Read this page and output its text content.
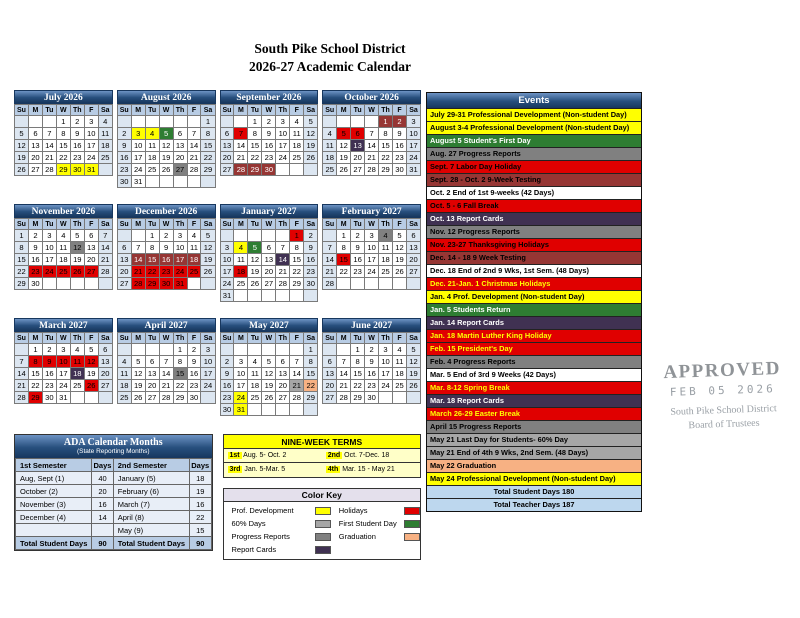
South Pike School District
2026-27 Academic Calendar
July 2026
Su	M	Tu	W	Th	F	Sa
			1	2	3	4
5	6	7	8	9	10	11
12	13	14	15	16	17	18
19	20	21	22	23	24	25
26	27	28	29	30	31	
August 2026
Su	M	Tu	W	Th	F	Sa
						1
2	3	4	5	6	7	8
9	10	11	12	13	14	15
16	17	18	19	20	21	22
23	24	25	26	27	28	29
30	31					
September 2026
Su	M	Tu	W	Th	F	Sa
		1	2	3	4	5
6	7	8	9	10	11	12
13	14	15	16	17	18	19
20	21	22	23	24	25	26
27	28	29	30			
October 2026
Su	M	Tu	W	Th	F	Sa
				1	2	3
4	5	6	7	8	9	10
11	12	13	14	15	16	17
18	19	20	21	22	23	24
25	26	27	28	29	30	31
November 2026
Su	M	Tu	W	Th	F	Sa
1	2	3	4	5	6	7
8	9	10	11	12	13	14
15	16	17	18	19	20	21
22	23	24	25	26	27	28
29	30					
December 2026
Su	M	Tu	W	Th	F	Sa
		1	2	3	4	5
6	7	8	9	10	11	12
13	14	15	16	17	18	19
20	21	22	23	24	25	26
27	28	29	30	31		
January 2027
Su	M	Tu	W	Th	F	Sa
					1	2
3	4	5	6	7	8	9
10	11	12	13	14	15	16
17	18	19	20	21	22	23
24	25	26	27	28	29	30
31						
February 2027
Su	M	Tu	W	Th	F	Sa
	1	2	3	4	5	6
7	8	9	10	11	12	13
14	15	16	17	18	19	20
21	22	23	24	25	26	27
28						
March 2027
Su	M	Tu	W	Th	F	Sa
	1	2	3	4	5	6
7	8	9	10	11	12	13
14	15	16	17	18	19	20
21	22	23	24	25	26	27
28	29	30	31			
April 2027
Su	M	Tu	W	Th	F	Sa
				1	2	3
4	5	6	7	8	9	10
11	12	13	14	15	16	17
18	19	20	21	22	23	24
25	26	27	28	29	30	
May 2027
Su	M	Tu	W	Th	F	Sa
						1
2	3	4	5	6	7	8
9	10	11	12	13	14	15
16	17	18	19	20	21	22
23	24	25	26	27	28	29
30	31					
June 2027
Su	M	Tu	W	Th	F	Sa
		1	2	3	4	5
6	7	8	9	10	11	12
13	14	15	16	17	18	19
20	21	22	23	24	25	26
27	28	29	30			
Events
July 29-31 Professional Development (Non-student Day)
August 3-4 Professional Development (Non-student Day)
August 5 Student's First Day
Aug. 27 Progress Reports
Sept. 7 Labor Day Holiday
Sept. 28 - Oct. 2 9-Week Testing
Oct. 2 End of 1st 9-weeks (42 Days)
Oct. 5 - 6 Fall Break
Oct. 13 Report Cards
Nov. 12 Progress Reports
Nov. 23-27 Thanksgiving Holidays
Dec. 14 - 18 9 Week Testing
Dec. 18 End of 2nd 9 Wks, 1st Sem. (48 Days)
Dec. 21-Jan. 1 Christmas Holidays
Jan. 4 Prof. Development (Non-student Day)
Jan. 5 Students Return
Jan. 14 Report Cards
Jan. 18 Martin Luther King Holiday
Feb. 15 President's Day
Feb. 4 Progress Reports
Mar. 5 End of 3rd 9 Weeks (42 Days)
Mar. 8-12 Spring Break
Mar. 18 Report Cards
March 26-29 Easter Break
April 15 Progress Reports
May 21 Last Day for Students- 60% Day
May 21 End of 4th 9 Wks, 2nd Sem. (48 Days)
May 22 Graduation
May 24 Professional Development (Non-student Day)
Total Student Days 180
Total Teacher Days 187
ADA Calendar Months
(State Reporting Months)
1st Semester	Days	2nd Semester	Days
Aug, Sept (1)	40	January (5)	18
October (2)	20	February (6)	19
November (3)	16	March (7)	16
December (4)	14	April (8)	22
		May (9)	15
Total Student Days	90	Total Student Days	90
NINE-WEEK TERMS
1st Aug. 5- Oct. 2	2nd Oct. 7-Dec. 18
3rd Jan. 5-Mar. 5	4th Mar. 15 - May 21
Color Key
Prof. Development
60% Days
Progress Reports
Report Cards
Holidays
First Student Day
Graduation
APPROVED
FEB 05 2026
South Pike School District
Board of Trustees
